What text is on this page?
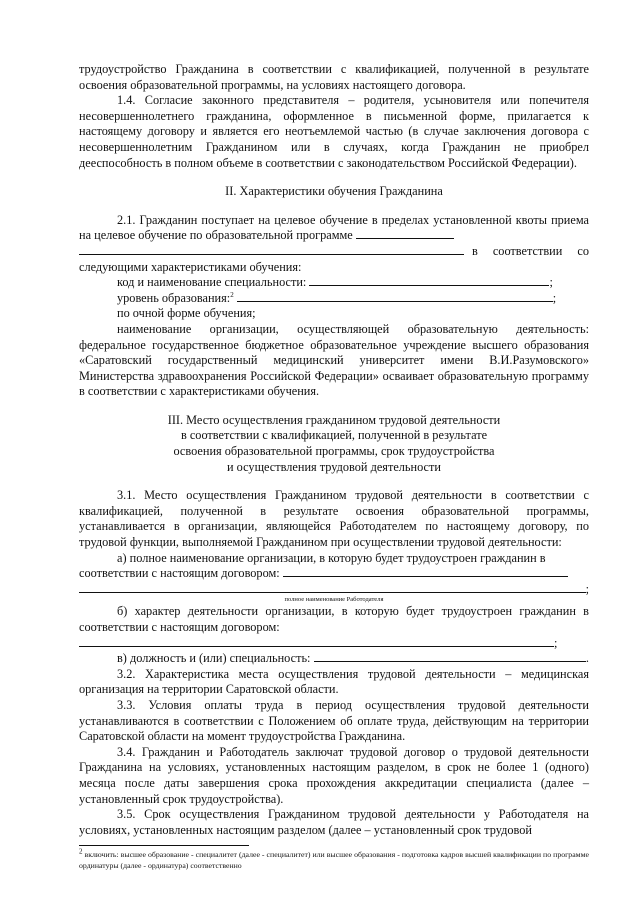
трудоустройство Гражданина в соответствии с квалификацией, полученной в результате освоения образовательной программы, на условиях настоящего договора.

1.4. Согласие законного представителя – родителя, усыновителя или попечителя несовершеннолетнего гражданина, оформленное в письменной форме, прилагается к настоящему договору и является его неотъемлемой частью (в случае заключения договора с несовершеннолетним Гражданином или в случаях, когда Гражданин не приобрел дееспособность в полном объеме в соответствии с законодательством Российской Федерации).

II. Характеристики обучения Гражданина

2.1. Гражданин поступает на целевое обучение в пределах установленной квоты приема на целевое обучение по образовательной программе

в соответствии со

следующими характеристиками обучения:

код и наименование специальности:	;
уровень образования:$^2$	;
по очной форме обучения;

наименование организации, осуществляющей образовательную деятельность: федеральное государственное бюджетное образовательное учреждение высшего образования «Саратовский государственный медицинский университет имени В.И.Разумовского» Министерства здравоохранения Российской Федерации» осваивает образовательную программу в соответствии с характеристиками обучения.

III. Место осуществления гражданином трудовой деятельности

в соответствии с квалификацией, полученной в результате

освоения образовательной программы, срок трудоустройства

и осуществления трудовой деятельности

3.1. Место осуществления Гражданином трудовой деятельности в соответствии с квалификацией, полученной в результате освоения образовательной программы, устанавливается в организации, являющейся Работодателем по настоящему договору, по трудовой функции, выполняемой Гражданином при осуществлении трудовой деятельности:

а) полное наименование организации, в которую будет трудоустроен гражданин в

соответствии с настоящим договором:
;

полное наименование Работодателя

б) характер деятельности организации, в которую будет трудоустроен гражданин в соответствии с настоящим договором:

;
в) должность и (или) специальность:
	.

3.2. Характеристика места осуществления трудовой деятельности – медицинская организация на территории Саратовской области.

3.3. Условия оплаты труда в период осуществления трудовой деятельности устанавливаются в соответствии с Положением об оплате труда, действующим на территории Саратовской области на момент трудоустройства Гражданина.

3.4. Гражданин и Работодатель заключат трудовой договор о трудовой деятельности Гражданина на условиях, установленных настоящим разделом, в срок не более 1 (одного) месяца после даты завершения срока прохождения аккредитации специалиста (далее – установленный срок трудоустройства).

3.5. Срок осуществления Гражданином трудовой деятельности у Работодателя на условиях, установленных настоящим разделом (далее – установленный срок трудовой

$^2$ включить: высшее образование - специалитет (далее - специалитет) или высшее образования - подготовка кадров высшей квалификации по программе ординатуры (далее - ординатура) соответственно
